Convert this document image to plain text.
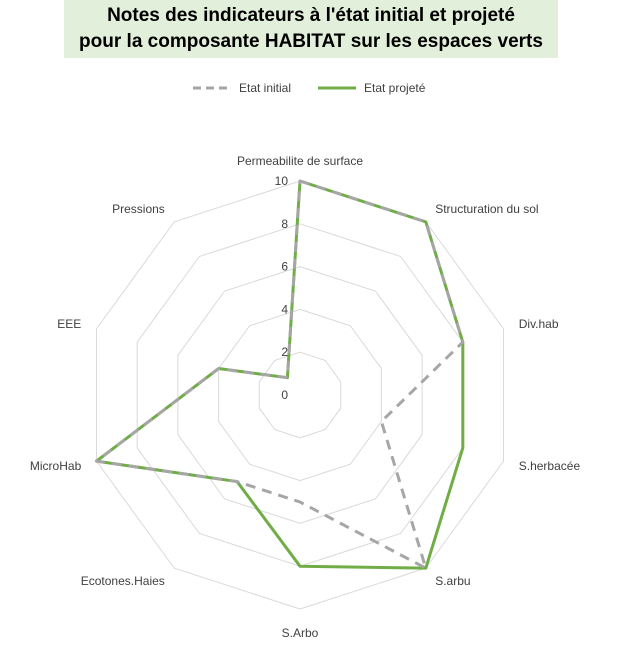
Notes des indicateurs à l'état initial et projeté
pour la composante HABITAT sur les espaces verts
Etat initial	Etat projeté
0
2
4
6
8
10
Permeabilite de surface
Structuration du sol
Div.hab
S.herbacée
S.arbu
S.Arbo
Ecotones.Haies
MicroHab
EEE
Pressions
